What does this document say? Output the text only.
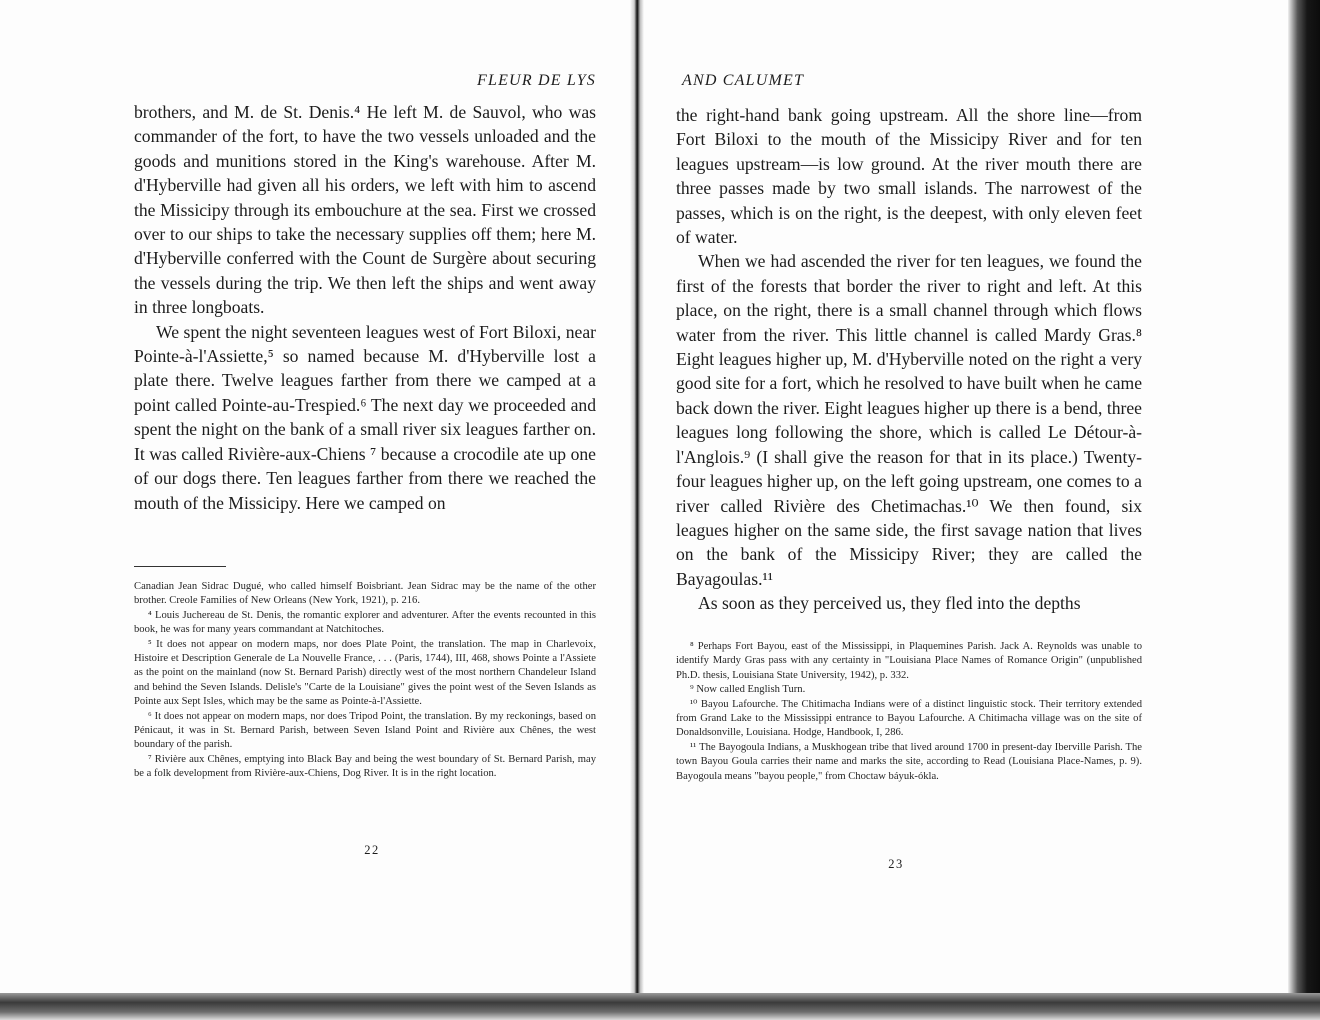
FLEUR DE LYS

brothers, and M. de St. Denis.⁴ He left M. de Sauvol, who was commander of the fort, to have the two vessels unloaded and the goods and munitions stored in the King's warehouse. After M. d'Hyberville had given all his orders, we left with him to ascend the Missicipy through its embouchure at the sea. First we crossed over to our ships to take the necessary supplies off them; here M. d'Hyberville conferred with the Count de Surgère about securing the vessels during the trip. We then left the ships and went away in three longboats.

We spent the night seventeen leagues west of Fort Biloxi, near Pointe-à-l'Assiette,⁵ so named because M. d'Hyberville lost a plate there. Twelve leagues farther from there we camped at a point called Pointe-au-Trespied.⁶ The next day we proceeded and spent the night on the bank of a small river six leagues farther on. It was called Rivière-aux-Chiens ⁷ because a crocodile ate up one of our dogs there. Ten leagues farther from there we reached the mouth of the Missicipy. Here we camped on

Canadian Jean Sidrac Dugué, who called himself Boisbriant. Jean Sidrac may be the name of the other brother. Creole Families of New Orleans (New York, 1921), p. 216.

⁴ Louis Juchereau de St. Denis, the romantic explorer and adventurer. After the events recounted in this book, he was for many years commandant at Natchitoches.

⁵ It does not appear on modern maps, nor does Plate Point, the translation. The map in Charlevoix, Histoire et Description Generale de La Nouvelle France, . . . (Paris, 1744), III, 468, shows Pointe a l'Assiete as the point on the mainland (now St. Bernard Parish) directly west of the most northern Chandeleur Island and behind the Seven Islands. Delisle's "Carte de la Louisiane" gives the point west of the Seven Islands as Pointe aux Sept Isles, which may be the same as Pointe-à-l'Assiette.

⁶ It does not appear on modern maps, nor does Tripod Point, the translation. By my reckonings, based on Pénicaut, it was in St. Bernard Parish, between Seven Island Point and Rivière aux Chênes, the west boundary of the parish.

⁷ Rivière aux Chênes, emptying into Black Bay and being the west boundary of St. Bernard Parish, may be a folk development from Rivière-aux-Chiens, Dog River. It is in the right location.

22
AND CALUMET

the right-hand bank going upstream. All the shore line—from Fort Biloxi to the mouth of the Missicipy River and for ten leagues upstream—is low ground. At the river mouth there are three passes made by two small islands. The narrowest of the passes, which is on the right, is the deepest, with only eleven feet of water.

When we had ascended the river for ten leagues, we found the first of the forests that border the river to right and left. At this place, on the right, there is a small channel through which flows water from the river. This little channel is called Mardy Gras.⁸ Eight leagues higher up, M. d'Hyberville noted on the right a very good site for a fort, which he resolved to have built when he came back down the river. Eight leagues higher up there is a bend, three leagues long following the shore, which is called Le Détour-à-l'Anglois.⁹ (I shall give the reason for that in its place.) Twenty-four leagues higher up, on the left going upstream, one comes to a river called Rivière des Chetimachas.¹⁰ We then found, six leagues higher on the same side, the first savage nation that lives on the bank of the Missicipy River; they are called the Bayagoulas.¹¹

As soon as they perceived us, they fled into the depths

⁸ Perhaps Fort Bayou, east of the Mississippi, in Plaquemines Parish. Jack A. Reynolds was unable to identify Mardy Gras pass with any certainty in "Louisiana Place Names of Romance Origin" (unpublished Ph.D. thesis, Louisiana State University, 1942), p. 332.

⁹ Now called English Turn.

¹⁰ Bayou Lafourche. The Chitimacha Indians were of a distinct linguistic stock. Their territory extended from Grand Lake to the Mississippi entrance to Bayou Lafourche. A Chitimacha village was on the site of Donaldsonville, Louisiana. Hodge, Handbook, I, 286.

¹¹ The Bayogoula Indians, a Muskhogean tribe that lived around 1700 in present-day Iberville Parish. The town Bayou Goula carries their name and marks the site, according to Read (Louisiana Place-Names, p. 9). Bayogoula means "bayou people," from Choctaw báyuk-ókla.

23
